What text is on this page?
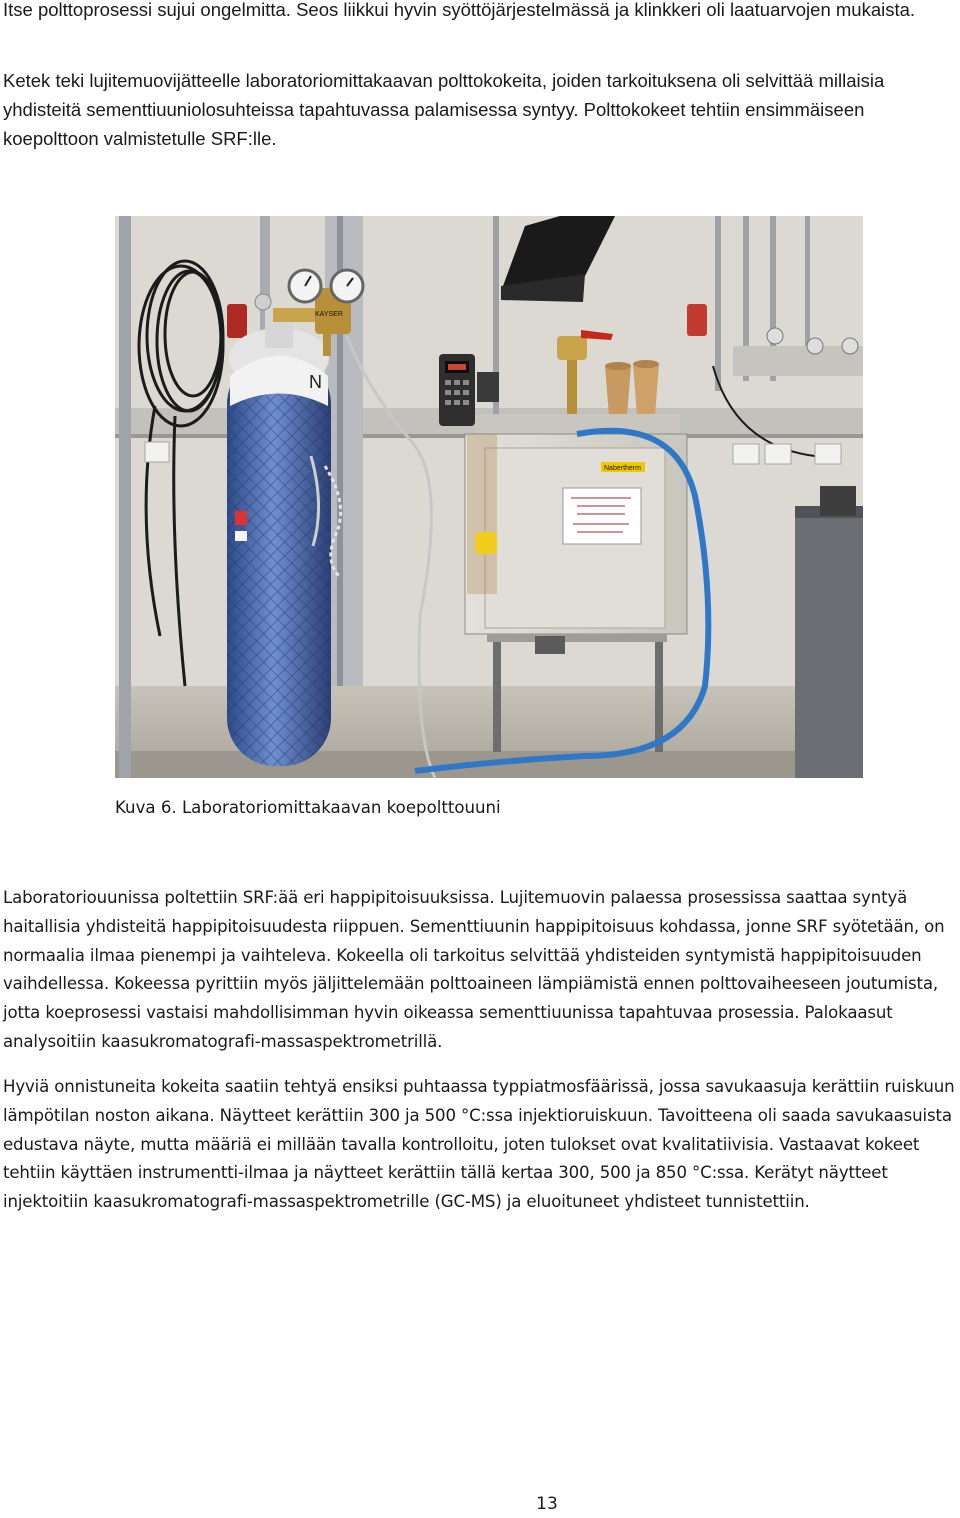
Itse polttoprosessi sujui ongelmitta. Seos liikkui hyvin syöttöjärjestelmässä ja klinkkeri oli laatuarvojen mukaista.

Ketek teki lujitemuovijätteelle laboratoriomittakaavan polttokokeita, joiden tarkoituksena oli selvittää millaisia yhdisteitä sementtiuuniolosuhteissa tapahtuvassa palamisessa syntyy. Polttokokeet tehtiin ensimmäiseen koepolttoon valmistetulle SRF:lle.

N
KAYSER
Nabertherm

Kuva 6. Laboratoriomittakaavan koepolttouuni

Laboratoriouunissa poltettiin SRF:ää eri happipitoisuuksissa. Lujitemuovin palaessa prosessissa saattaa syntyä haitallisia yhdisteitä happipitoisuudesta riippuen. Sementtiuunin happipitoisuus kohdassa, jonne SRF syötetään, on normaalia ilmaa pienempi ja vaihteleva. Kokeella oli tarkoitus selvittää yhdisteiden syntymistä happipitoisuuden vaihdellessa. Kokeessa pyrittiin myös jäljittelemään polttoaineen lämpiämistä ennen polttovaiheeseen joutumista, jotta koeprosessi vastaisi mahdollisimman hyvin oikeassa sementtiuunissa tapahtuvaa prosessia. Palokaasut analysoitiin kaasukromatografi-massaspektrometrillä.

Hyviä onnistuneita kokeita saatiin tehtyä ensiksi puhtaassa typpiatmosfäärissä, jossa savukaasuja kerättiin ruiskuun lämpötilan noston aikana. Näytteet kerättiin 300 ja 500 °C:ssa injektioruiskuun. Tavoitteena oli saada savukaasuista edustava näyte, mutta määriä ei millään tavalla kontrolloitu, joten tulokset ovat kvalitatiivisia. Vastaavat kokeet tehtiin käyttäen instrumentti-ilmaa ja näytteet kerättiin tällä kertaa 300, 500 ja 850 °C:ssa. Kerätyt näytteet injektoitiin kaasukromatografi-massaspektrometrille (GC-MS) ja eluoituneet yhdisteet tunnistettiin.

13
